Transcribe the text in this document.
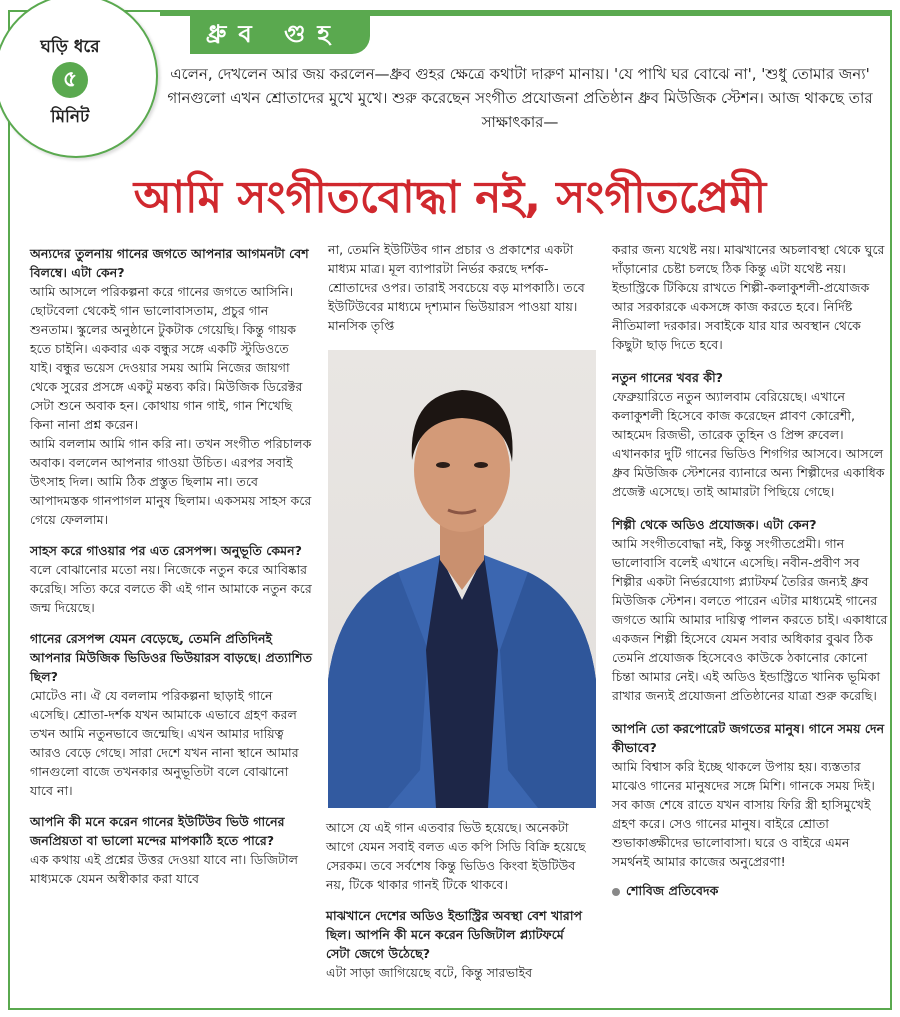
ধ্রুব গুহ
ঘড়ি ধরে
৫
মিনিট
এলেন, দেখলেন আর জয় করলেন—ধ্রুব গুহর ক্ষেত্রে কথাটা দারুণ মানায়। 'যে পাখি ঘর বোঝে না', 'শুধু তোমার জন্য' গানগুলো এখন শ্রোতাদের মুখে মুখে। শুরু করেছেন সংগীত প্রযোজনা প্রতিষ্ঠান ধ্রুব মিউজিক স্টেশন। আজ থাকছে তার সাক্ষাৎকার—
আমি সংগীতবোদ্ধা নই, সংগীতপ্রেমী

অন্যদের তুলনায় গানের জগতে আপনার আগমনটা বেশ বিলম্বে। এটা কেন?

আমি আসলে পরিকল্পনা করে গানের জগতে আসিনি। ছোটবেলা থেকেই গান ভালোবাসতাম, প্রচুর গান শুনতাম। স্কুলের অনুষ্ঠানে টুকটাক গেয়েছি। কিন্তু গায়ক হতে চাইনি। একবার এক বন্ধুর সঙ্গে একটি স্টুডিওতে যাই। বন্ধুর ভয়েস দেওয়ার সময় আমি নিজের জায়গা থেকে সুরের প্রসঙ্গে একটু মন্তব্য করি। মিউজিক ডিরেক্টর সেটা শুনে অবাক হন। কোথায় গান গাই, গান শিখেছি কিনা নানা প্রশ্ন করেন।

আমি বললাম আমি গান করি না। তখন সংগীত পরিচালক অবাক। বললেন আপনার গাওয়া উচিত। এরপর সবাই উৎসাহ দিল। আমি ঠিক প্রস্তুত ছিলাম না। তবে আপাদমস্তক গানপাগল মানুষ ছিলাম। একসময় সাহস করে গেয়ে ফেললাম।

সাহস করে গাওয়ার পর এত রেসপন্স। অনুভূতি কেমন?

বলে বোঝানোর মতো নয়। নিজেকে নতুন করে আবিষ্কার করেছি। সত্যি করে বলতে কী এই গান আমাকে নতুন করে জন্ম দিয়েছে।

গানের রেসপন্স যেমন বেড়েছে, তেমনি প্রতিদিনই আপনার মিউজিক ভিডিওর ভিউয়ারস বাড়ছে। প্রত্যাশিত ছিল?

মোটেও না। ঐ যে বললাম পরিকল্পনা ছাড়াই গানে এসেছি। শ্রোতা-দর্শক যখন আমাকে এভাবে গ্রহণ করল তখন আমি নতুনভাবে জন্মেছি। এখন আমার দায়িত্ব আরও বেড়ে গেছে। সারা দেশে যখন নানা স্থানে আমার গানগুলো বাজে তখনকার অনুভূতিটা বলে বোঝানো যাবে না।

আপনি কী মনে করেন গানের ইউটিউব ভিউ গানের জনপ্রিয়তা বা ভালো মন্দের মাপকাঠি হতে পারে?

এক কথায় এই প্রশ্নের উত্তর দেওয়া যাবে না। ডিজিটাল মাধ্যমকে যেমন অস্বীকার করা যাবে

না, তেমনি ইউটিউব গান প্রচার ও প্রকাশের একটা মাধ্যম মাত্র। মূল ব্যাপারটা নির্ভর করছে দর্শক-শ্রোতাদের ওপর। তারাই সবচেয়ে বড় মাপকাঠি। তবে ইউটিউবের মাধ্যমে দৃশ্যমান ভিউয়ারস পাওয়া যায়। মানসিক তৃপ্তি

আসে যে এই গান এতবার ভিউ হয়েছে। অনেকটা আগে যেমন সবাই বলত এত কপি সিডি বিক্রি হয়েছে সেরকম। তবে সর্বশেষ কিন্তু ভিডিও কিংবা ইউটিউব নয়, টিকে থাকার গানই টিকে থাকবে।

মাঝখানে দেশের অডিও ইন্ডাস্ট্রির অবস্থা বেশ খারাপ ছিল। আপনি কী মনে করেন ডিজিটাল প্ল্যাটফর্মে সেটা জেগে উঠেছে?

এটা সাড়া জাগিয়েছে বটে, কিন্তু সারভাইব

করার জন্য যথেষ্ট নয়। মাঝখানের অচলাবস্থা থেকে ঘুরে দাঁড়ানোর চেষ্টা চলছে ঠিক কিন্তু এটা যথেষ্ট নয়। ইন্ডাস্ট্রিকে টিকিয়ে রাখতে শিল্পী-কলাকুশলী-প্রযোজক আর সরকারকে একসঙ্গে কাজ করতে হবে। নির্দিষ্ট নীতিমালা দরকার। সবাইকে যার যার অবস্থান থেকে কিছুটা ছাড় দিতে হবে।

নতুন গানের খবর কী?

ফেব্রুয়ারিতে নতুন অ্যালবাম বেরিয়েছে। এখানে কলাকুশলী হিসেবে কাজ করেছেন প্লাবণ কোরেশী, আহমেদ রিজভী, তারেক তুহিন ও প্রিন্স রুবেল। এখানকার দুটি গানের ভিডিও শিগগির আসবে। আসলে ধ্রুব মিউজিক স্টেশনের ব্যানারে অন্য শিল্পীদের একাধিক প্রজেক্ট এসেছে। তাই আমারটা পিছিয়ে গেছে।

শিল্পী থেকে অডিও প্রযোজক। এটা কেন?

আমি সংগীতবোদ্ধা নই, কিন্তু সংগীতপ্রেমী। গান ভালোবাসি বলেই এখানে এসেছি। নবীন-প্রবীণ সব শিল্পীর একটা নির্ভরযোগ্য প্ল্যাটফর্ম তৈরির জন্যই ধ্রুব মিউজিক স্টেশন। বলতে পারেন এটার মাধ্যমেই গানের জগতে আমি আমার দায়িত্ব পালন করতে চাই। একাধারে একজন শিল্পী হিসেবে যেমন সবার অধিকার বুঝব ঠিক তেমনি প্রযোজক হিসেবেও কাউকে ঠকানোর কোনো চিন্তা আমার নেই। এই অডিও ইন্ডাস্ট্রিতে খানিক ভূমিকা রাখার জন্যই প্রযোজনা প্রতিষ্ঠানের যাত্রা শুরু করেছি।

আপনি তো করপোরেট জগতের মানুষ। গানে সময় দেন কীভাবে?

আমি বিশ্বাস করি ইচ্ছে থাকলে উপায় হয়। ব্যস্ততার মাঝেও গানের মানুষদের সঙ্গে মিশি। গানকে সময় দিই। সব কাজ শেষে রাতে যখন বাসায় ফিরি স্ত্রী হাসিমুখেই গ্রহণ করে। সেও গানের মানুষ। বাইরে শ্রোতা শুভাকাঙ্ক্ষীদের ভালোবাসা। ঘরে ও বাইরে এমন সমর্থনই আমার কাজের অনুপ্রেরণা!

শোবিজ প্রতিবেদক
